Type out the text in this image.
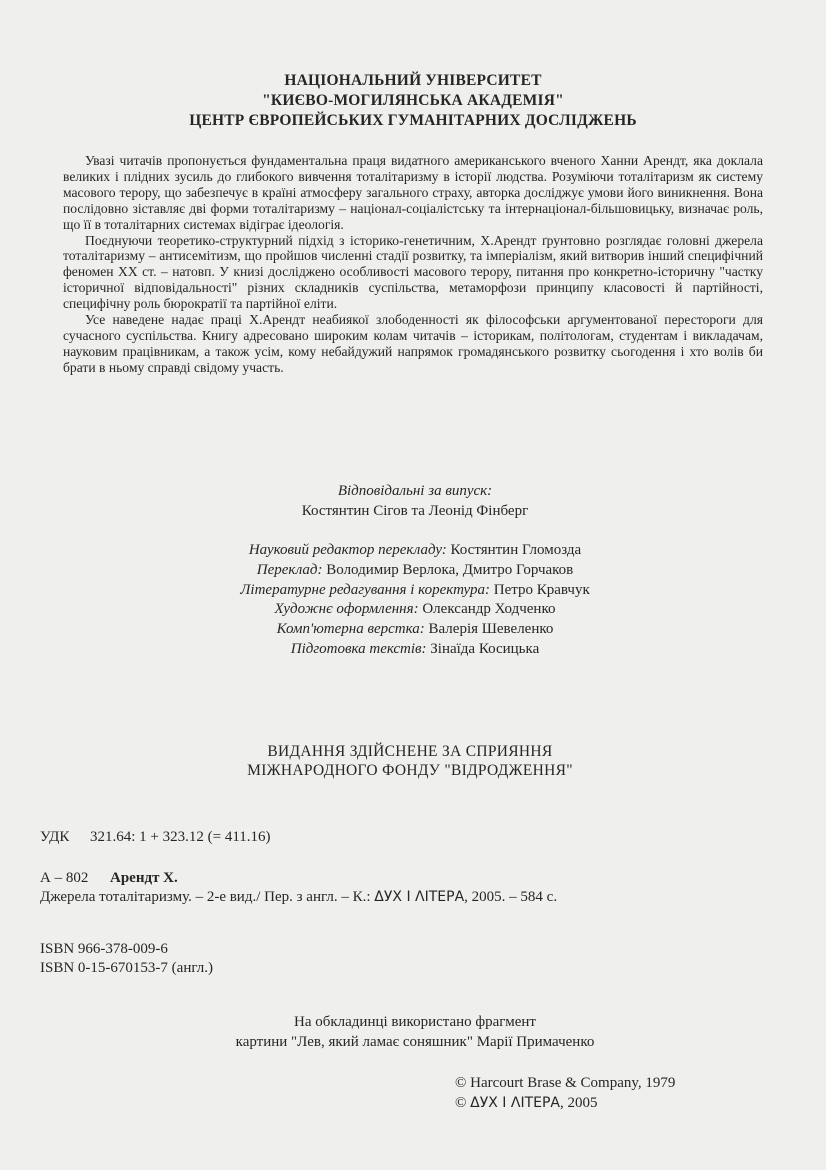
НАЦІОНАЛЬНИЙ УНІВЕРСИТЕТ
"КИЄВО-МОГИЛЯНСЬКА АКАДЕМІЯ"
ЦЕНТР ЄВРОПЕЙСЬКИХ ГУМАНІТАРНИХ ДОСЛІДЖЕНЬ

Увазі читачів пропонується фундаментальна праця видатного американського вченого Ханни Арендт, яка доклала великих і плідних зусиль до глибокого вивчення тоталітаризму в історії людства. Розуміючи тоталітаризм як систему масового терору, що забезпечує в країні атмосферу загального страху, авторка досліджує умови його виникнення. Вона послідовно зіставляє дві форми тоталітаризму – націонал-соціалістську та інтернаціонал-більшовицьку, визначає роль, що її в тоталітарних системах відіграє ідеологія.

Поєднуючи теоретико-структурний підхід з історико-генетичним, Х.Арендт ґрунтовно розглядає головні джерела тоталітаризму – антисемітизм, що пройшов численні стадії розвитку, та імперіалізм, який витворив інший специфічний феномен XX ст. – натовп. У книзі досліджено особливості масового терору, питання про конкретно-історичну "частку історичної відповідальності" різних складників суспільства, метаморфози принципу класовості й партійності, специфічну роль бюрократії та партійної еліти.

Усе наведене надає праці Х.Арендт неабиякої злободенності як філософськи аргументованої перестороги для сучасного суспільства. Книгу адресовано широким колам читачів – історикам, політологам, студентам і викладачам, науковим працівникам, а також усім, кому небайдужий напрямок громадянського розвитку сьогодення і хто волів би брати в ньому справді свідому участь.

Відповідальні за випуск:
Костянтин Сігов та Леонід Фінберг
Науковий редактор перекладу: Костянтин Гломозда
Переклад: Володимир Верлока, Дмитро Горчаков
Літературне редагування і коректура: Петро Кравчук
Художнє оформлення: Олександр Ходченко
Комп'ютерна верстка: Валерія Шевеленко
Підготовка текстів: Зінаїда Косицька
ВИДАННЯ ЗДІЙСНЕНЕ ЗА СПРИЯННЯ
МІЖНАРОДНОГО ФОНДУ "ВІДРОДЖЕННЯ"
УДК 321.64: 1 + 323.12 (= 411.16)
А – 802 Арендт Х.
Джерела тоталітаризму. – 2-е вид./ Пер. з англ. – К.: ΔУХ І ΛІТЕРА, 2005. – 584 с.
ISBN 966-378-009-6
ISBN 0-15-670153-7 (англ.)
На обкладинці використано фрагмент
картини "Лев, який ламає соняшник" Марії Примаченко
© Harcourt Brase & Company, 1979
© ΔУХ І ΛІТЕРА, 2005
